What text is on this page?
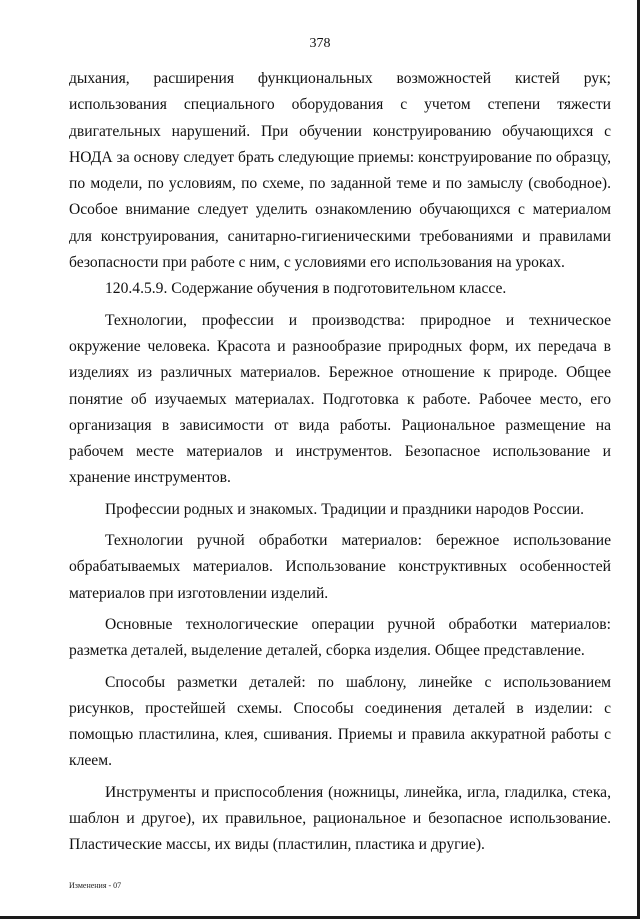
378

дыхания, расширения функциональных возможностей кистей рук; использования специального оборудования с учетом степени тяжести двигательных нарушений. При обучении конструированию обучающихся с НОДА за основу следует брать следующие приемы: конструирование по образцу, по модели, по условиям, по схеме, по заданной теме и по замыслу (свободное). Особое внимание следует уделить ознакомлению обучающихся с материалом для конструирования, санитарно-гигиеническими требованиями и правилами безопасности при работе с ним, с условиями его использования на уроках.

120.4.5.9. Содержание обучения в подготовительном классе.

Технологии, профессии и производства: природное и техническое окружение человека. Красота и разнообразие природных форм, их передача в изделиях из различных материалов. Бережное отношение к природе. Общее понятие об изучаемых материалах. Подготовка к работе. Рабочее место, его организация в зависимости от вида работы. Рациональное размещение на рабочем месте материалов и инструментов. Безопасное использование и хранение инструментов.

Профессии родных и знакомых. Традиции и праздники народов России.

Технологии ручной обработки материалов: бережное использование обрабатываемых материалов. Использование конструктивных особенностей материалов при изготовлении изделий.

Основные технологические операции ручной обработки материалов: разметка деталей, выделение деталей, сборка изделия. Общее представление.

Способы разметки деталей: по шаблону, линейке с использованием рисунков, простейшей схемы. Способы соединения деталей в изделии: с помощью пластилина, клея, сшивания. Приемы и правила аккуратной работы с клеем.

Инструменты и приспособления (ножницы, линейка, игла, гладилка, стека, шаблон и другое), их правильное, рациональное и безопасное использование. Пластические массы, их виды (пластилин, пластика и другие).

Изменения - 07
